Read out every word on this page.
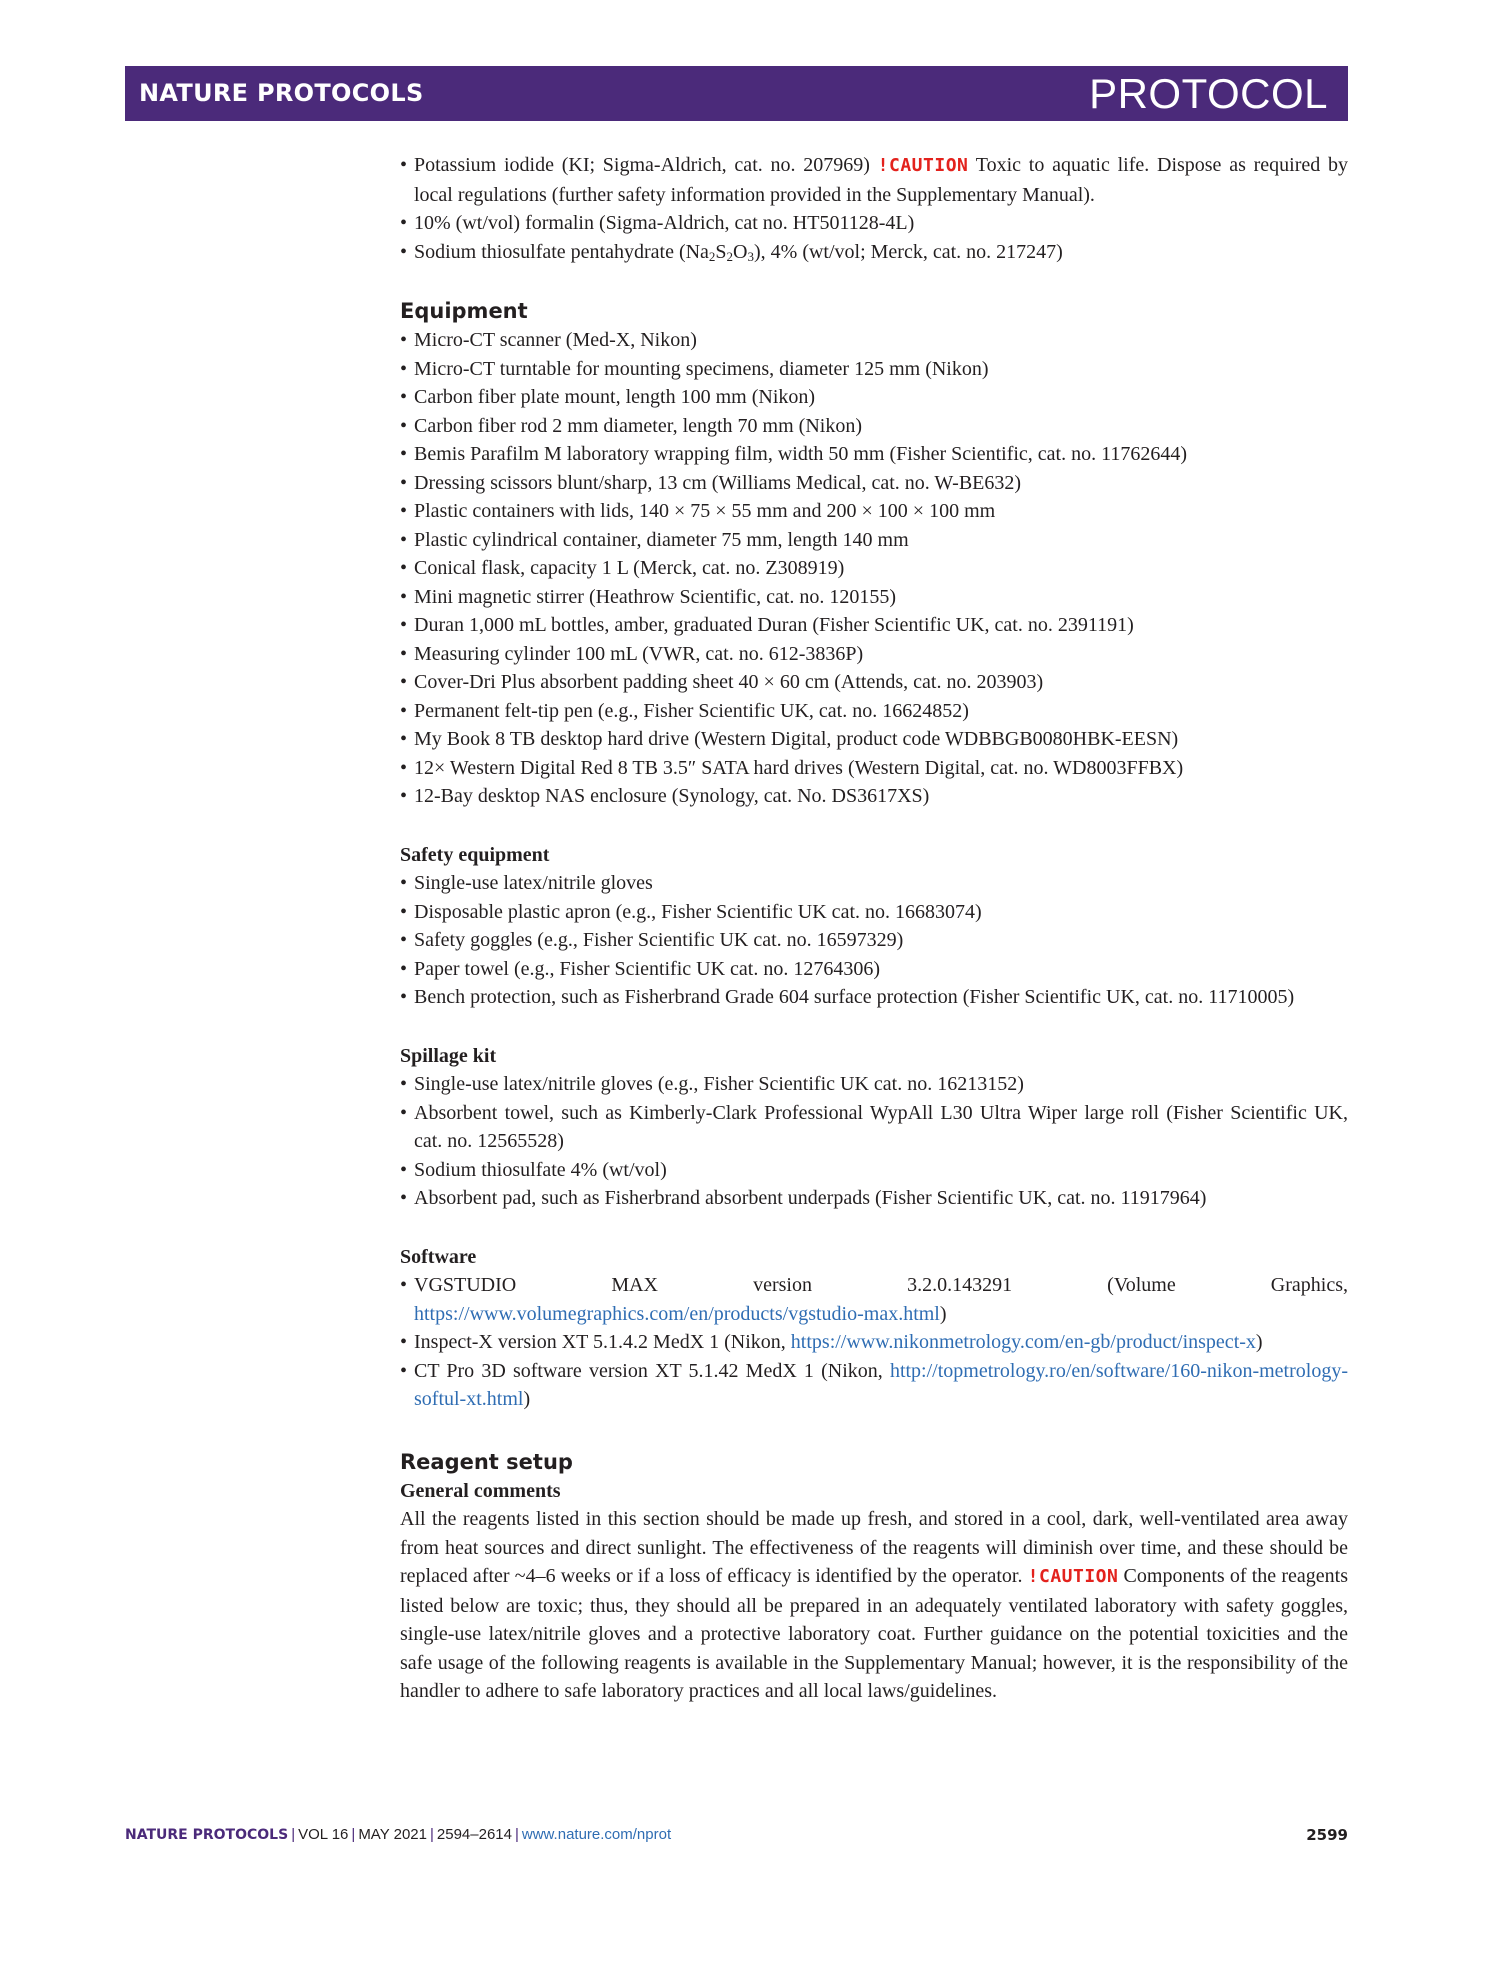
NATURE PROTOCOLS	PROTOCOL
• Potassium iodide (KI; Sigma-Aldrich, cat. no. 207969) !CAUTION Toxic to aquatic life. Dispose as required by local regulations (further safety information provided in the Supplementary Manual).
• 10% (wt/vol) formalin (Sigma-Aldrich, cat no. HT501128-4L)
• Sodium thiosulfate pentahydrate $(Na_2S_2O_3)$, 4% (wt/vol; Merck, cat. no. 217247)
Equipment
• Micro-CT scanner (Med-X, Nikon)
• Micro-CT turntable for mounting specimens, diameter 125 mm (Nikon)
• Carbon fiber plate mount, length 100 mm (Nikon)
• Carbon fiber rod 2 mm diameter, length 70 mm (Nikon)
• Bemis Parafilm M laboratory wrapping film, width 50 mm (Fisher Scientific, cat. no. 11762644)
• Dressing scissors blunt/sharp, 13 cm (Williams Medical, cat. no. W-BE632)
• Plastic containers with lids, 140 × 75 × 55 mm and 200 × 100 × 100 mm
• Plastic cylindrical container, diameter 75 mm, length 140 mm
• Conical flask, capacity 1 L (Merck, cat. no. Z308919)
• Mini magnetic stirrer (Heathrow Scientific, cat. no. 120155)
• Duran 1,000 mL bottles, amber, graduated Duran (Fisher Scientific UK, cat. no. 2391191)
• Measuring cylinder 100 mL (VWR, cat. no. 612-3836P)
• Cover-Dri Plus absorbent padding sheet 40 × 60 cm (Attends, cat. no. 203903)
• Permanent felt-tip pen (e.g., Fisher Scientific UK, cat. no. 16624852)
• My Book 8 TB desktop hard drive (Western Digital, product code WDBBGB0080HBK-EESN)
• 12× Western Digital Red 8 TB 3.5″ SATA hard drives (Western Digital, cat. no. WD8003FFBX)
• 12-Bay desktop NAS enclosure (Synology, cat. No. DS3617XS)
Safety equipment
• Single-use latex/nitrile gloves
• Disposable plastic apron (e.g., Fisher Scientific UK cat. no. 16683074)
• Safety goggles (e.g., Fisher Scientific UK cat. no. 16597329)
• Paper towel (e.g., Fisher Scientific UK cat. no. 12764306)
• Bench protection, such as Fisherbrand Grade 604 surface protection (Fisher Scientific UK, cat. no. 11710005)
Spillage kit
• Single-use latex/nitrile gloves (e.g., Fisher Scientific UK cat. no. 16213152)
• Absorbent towel, such as Kimberly-Clark Professional WypAll L30 Ultra Wiper large roll (Fisher Scientific UK, cat. no. 12565528)
• Sodium thiosulfate 4% (wt/vol)
• Absorbent pad, such as Fisherbrand absorbent underpads (Fisher Scientific UK, cat. no. 11917964)
Software
• VGSTUDIO MAX version 3.2.0.143291 (Volume Graphics, https://www.volumegraphics.com/en/products/vgstudio-max.html)
• Inspect-X version XT 5.1.4.2 MedX 1 (Nikon, https://www.nikonmetrology.com/en-gb/product/inspect-x)
• CT Pro 3D software version XT 5.1.42 MedX 1 (Nikon, http://topmetrology.ro/en/software/160-nikon-metrology-softul-xt.html)
Reagent setup
General comments

All the reagents listed in this section should be made up fresh, and stored in a cool, dark, well-ventilated area away from heat sources and direct sunlight. The effectiveness of the reagents will diminish over time, and these should be replaced after ~4–6 weeks or if a loss of efficacy is identified by the operator. !CAUTION Components of the reagents listed below are toxic; thus, they should all be prepared in an adequately ventilated laboratory with safety goggles, single-use latex/nitrile gloves and a protective laboratory coat. Further guidance on the potential toxicities and the safe usage of the following reagents is available in the Supplementary Manual; however, it is the responsibility of the handler to adhere to safe laboratory practices and all local laws/guidelines.

NATURE PROTOCOLS | VOL 16 | MAY 2021 | 2594–2614 | www.nature.com/nprot	2599
